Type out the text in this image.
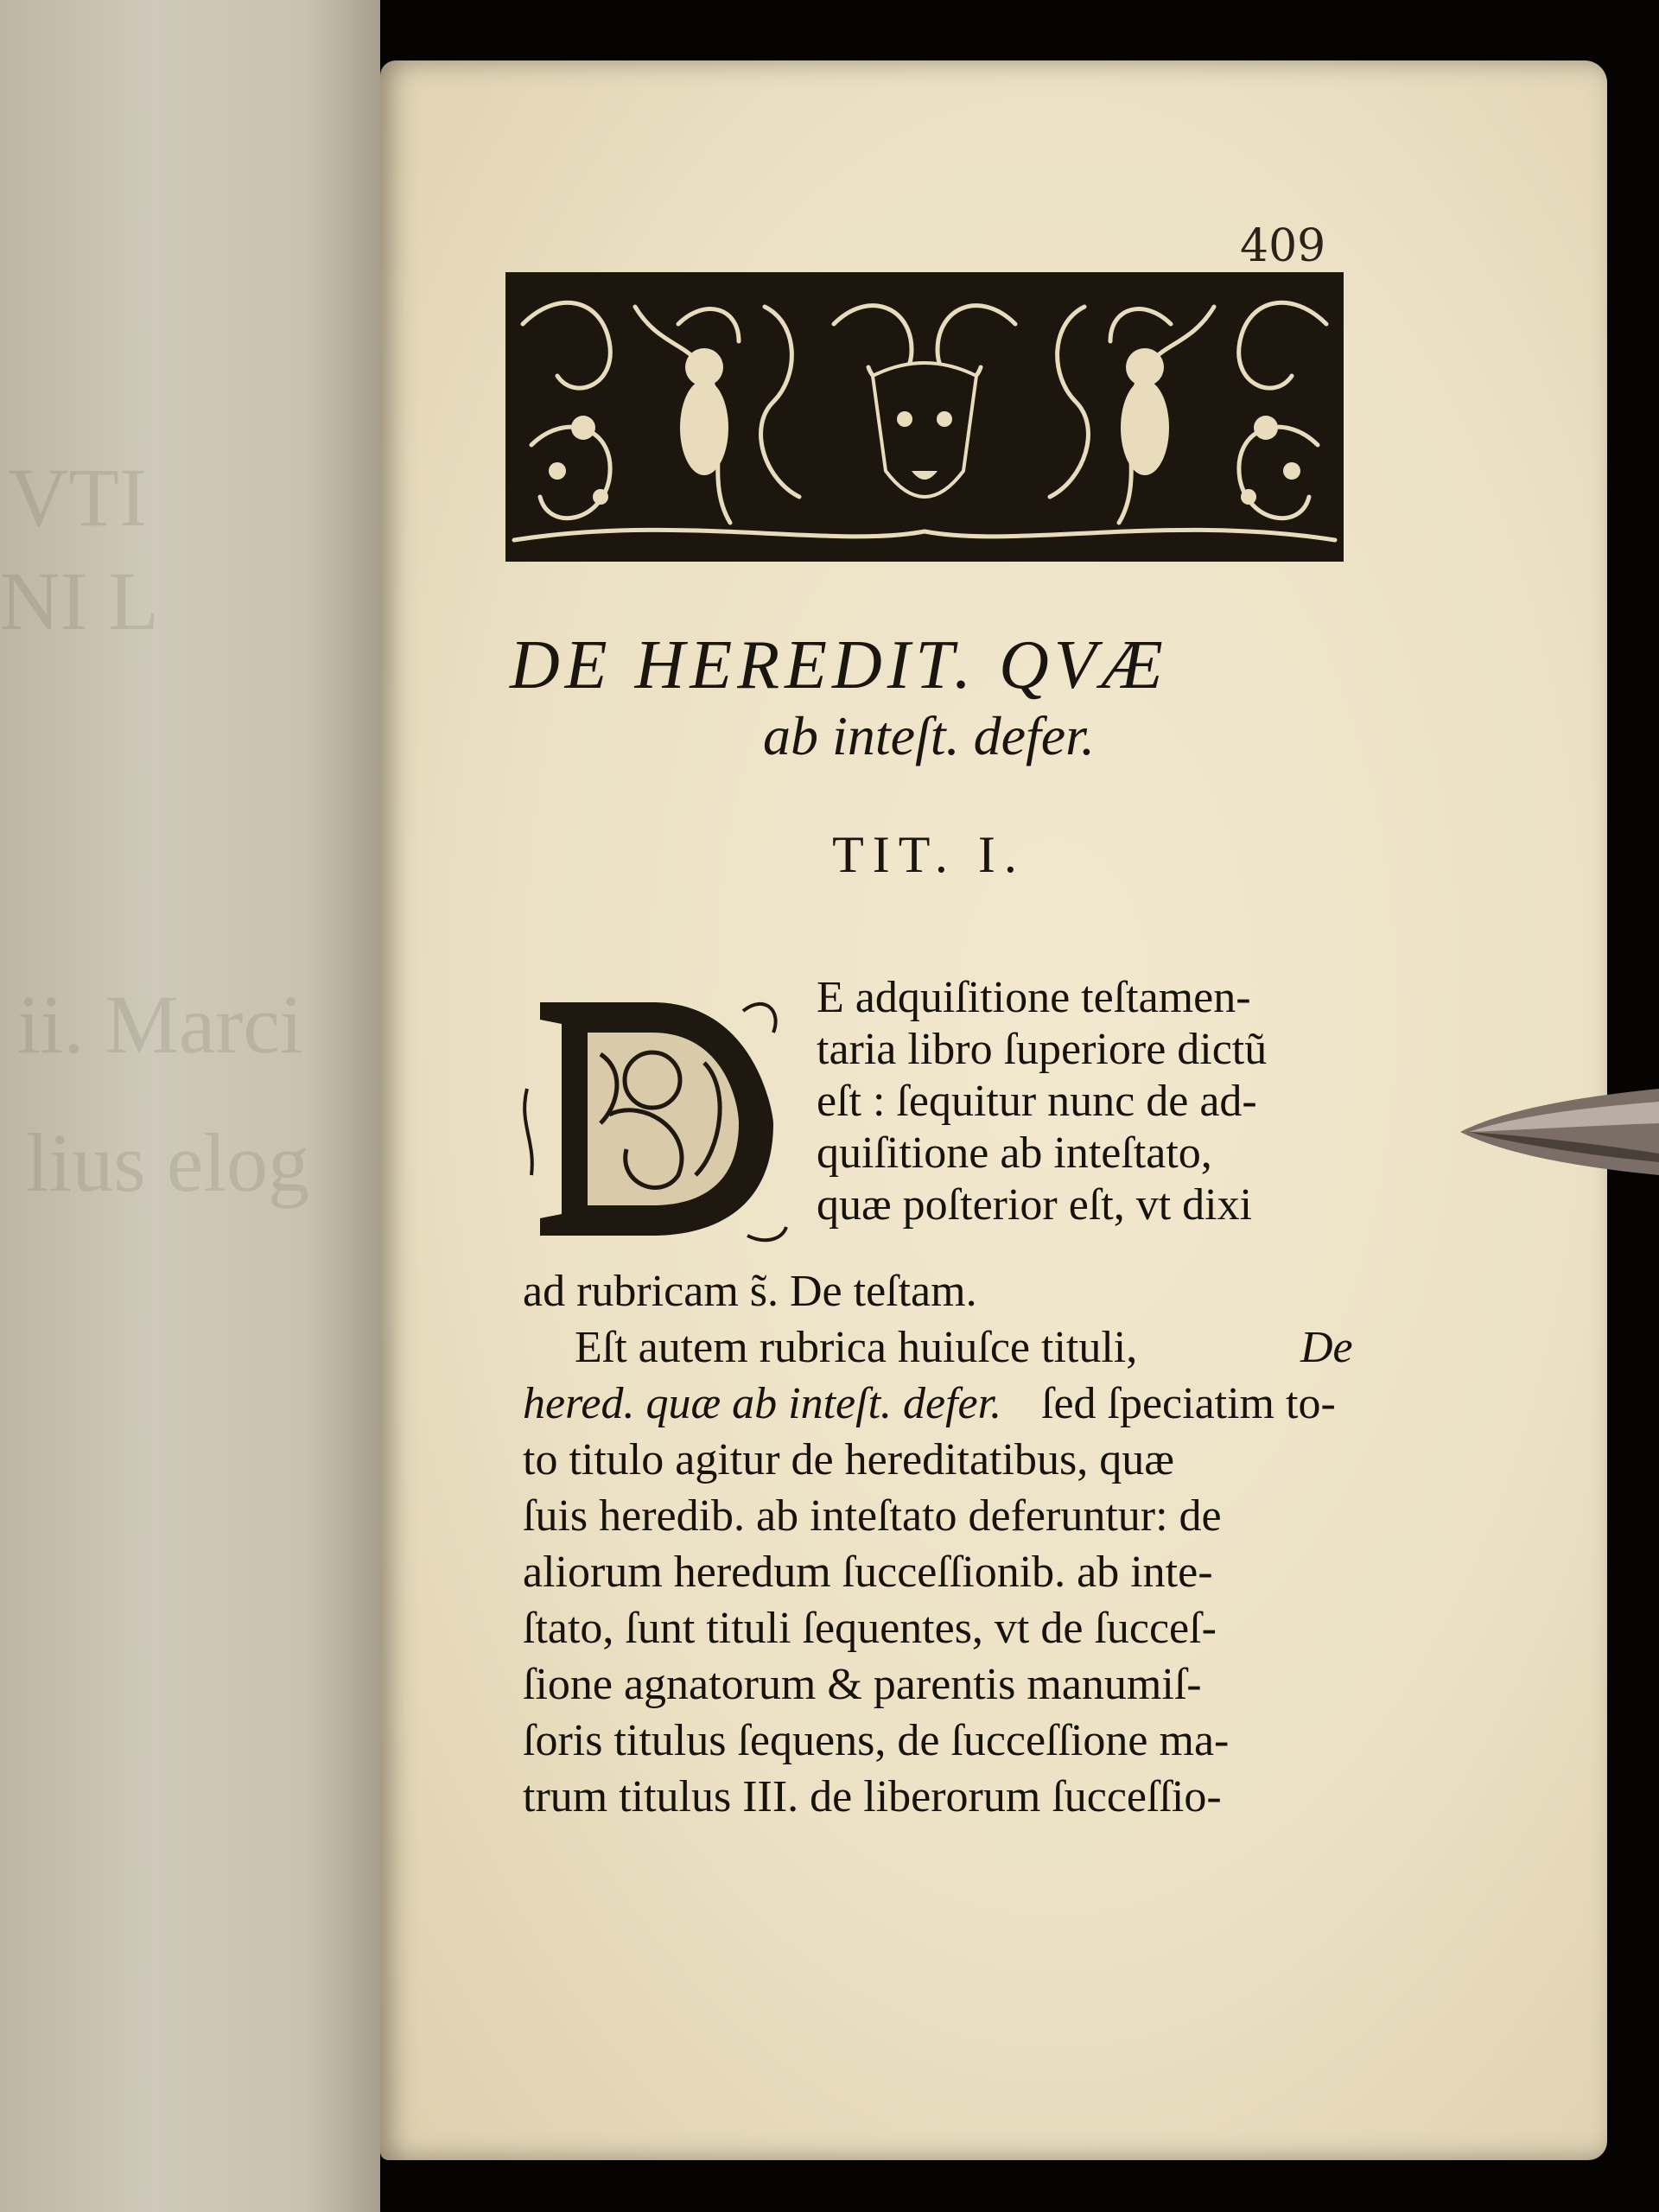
VTI
NI L
ii. Marci
lius elog
409
DE HEREDIT. QVÆ
ab inteſt. defer.
TIT. I.
E adquiſitione teſtamen-
taria libro ſuperiore dictũ
eſt : ſequitur nunc de ad-
quiſitione ab inteſtato,
quæ poſterior eſt, vt dixi
ad rubricam s̃. De teſtam.
Eſt autem rubrica huiuſce tituli,	De
hered. quæ ab inteſt. defer. ſed ſpeciatim to-
to titulo agitur de hereditatibus, quæ
ſuis heredib. ab inteſtato deferuntur: de
aliorum heredum ſucceſſionib. ab inte-
ſtato, ſunt tituli ſequentes, vt de ſucceſ-
ſione agnatorum & parentis manumiſ-
ſoris titulus ſequens, de ſucceſſione ma-
trum titulus III. de liberorum ſucceſſio-
